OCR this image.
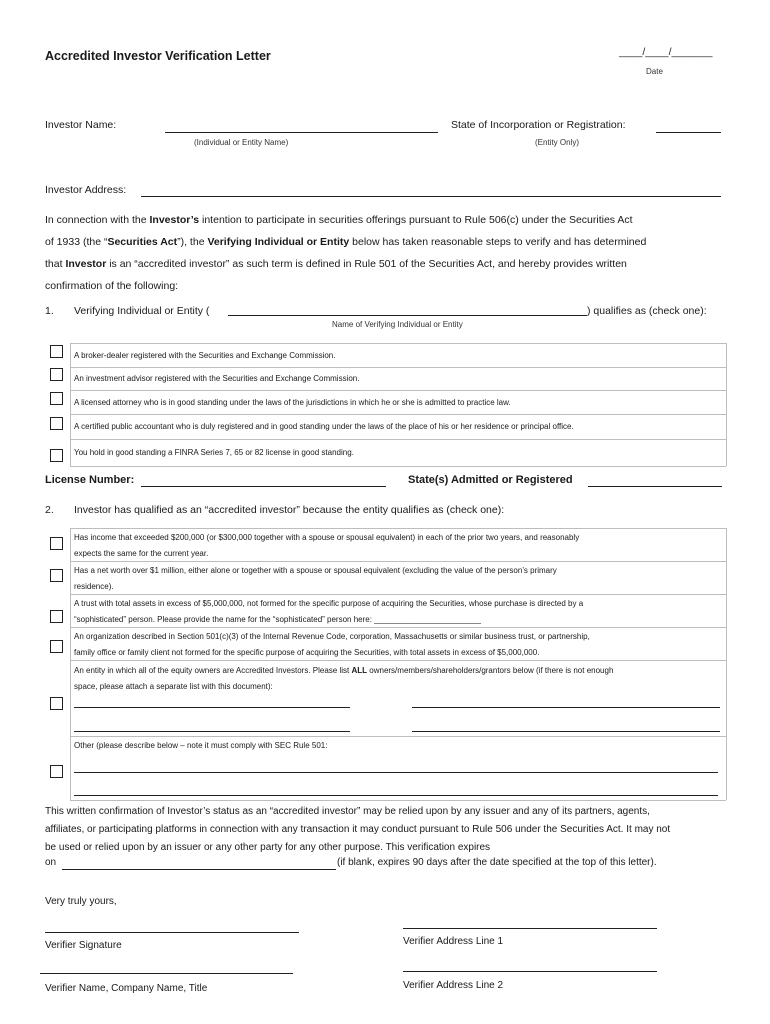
Accredited Investor Verification Letter	____/____/_______
Date
Investor Name:
(Individual or Entity Name)
State of Incorporation or Registration:
(Entity Only)
Investor Address:
In connection with the Investor’s intention to participate in securities offerings pursuant to Rule 506(c) under the Securities Act
of 1933 (the “Securities Act”), the Verifying Individual or Entity below has taken reasonable steps to verify and has determined
that Investor is an “accredited investor” as such term is defined in Rule 501 of the Securities Act, and hereby provides written
confirmation of the following:
1. Verifying Individual or Entity (	) qualifies as (check one):
Name of Verifying Individual or Entity
A broker-dealer registered with the Securities and Exchange Commission.
An investment advisor registered with the Securities and Exchange Commission.
A licensed attorney who is in good standing under the laws of the jurisdictions in which he or she is admitted to practice law.
A certified public accountant who is duly registered and in good standing under the laws of the place of his or her residence or principal office.
You hold in good standing a FINRA Series 7, 65 or 82 license in good standing.
License Number:	State(s) Admitted or Registered
2. Investor has qualified as an “accredited investor” because the entity qualifies as (check one):
Has income that exceeded $200,000 (or $300,000 together with a spouse or spousal equivalent) in each of the prior two years, and reasonably
expects the same for the current year.
Has a net worth over $1 million, either alone or together with a spouse or spousal equivalent (excluding the value of the person’s primary
residence).
A trust with total assets in excess of $5,000,000, not formed for the specific purpose of acquiring the Securities, whose purchase is directed by a
“sophisticated” person. Please provide the name for the “sophisticated” person here: ________________________
An organization described in Section 501(c)(3) of the Internal Revenue Code, corporation, Massachusetts or similar business trust, or partnership,
family office or family client not formed for the specific purpose of acquiring the Securities, with total assets in excess of $5,000,000.
An entity in which all of the equity owners are Accredited Investors. Please list ALL owners/members/shareholders/grantors below (if there is not enough
space, please attach a separate list with this document):
Other (please describe below – note it must comply with SEC Rule 501:
This written confirmation of Investor’s status as an “accredited investor” may be relied upon by any issuer and any of its partners, agents,
affiliates, or participating platforms in connection with any transaction it may conduct pursuant to Rule 506 under the Securities Act. It may not
be used or relied upon by an issuer or any other party for any other purpose. This verification expires
on	(if blank, expires 90 days after the date specified at the top of this letter).
Very truly yours,
Verifier Signature
Verifier Name, Company Name, Title
Verifier Address Line 1
Verifier Address Line 2
